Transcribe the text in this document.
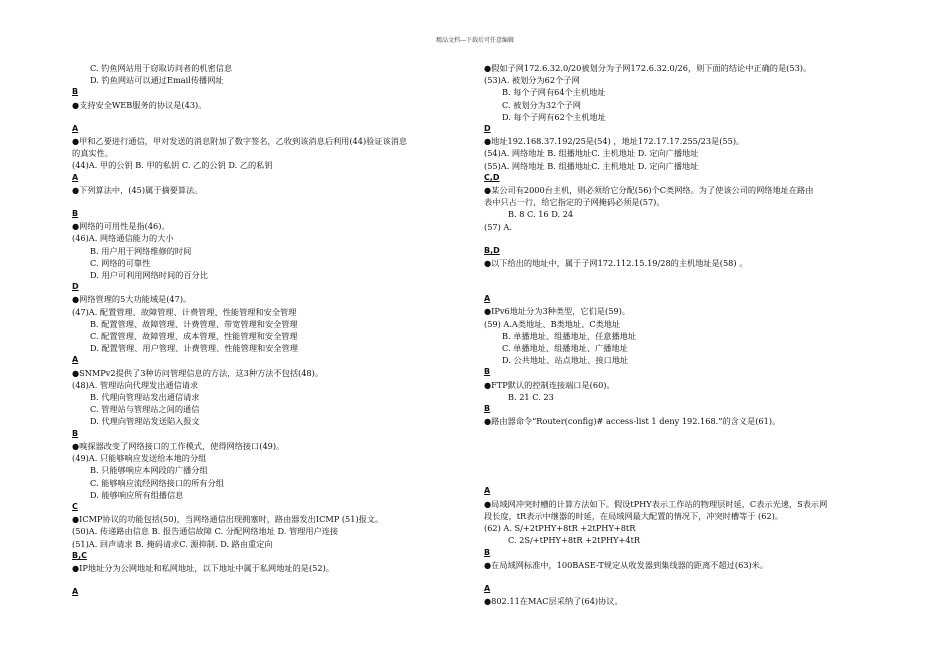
精品文档---下载后可任意编辑
C. 钓鱼网站用于窃取访问者的机密信息
D. 钓鱼网站可以通过Email传播网址
B
●支持安全WEB服务的协议是(43)。
A
●甲和乙要进行通信，甲对发送的消息附加了数字签名，乙收到该消息后利用(44)验证该消息
的真实性。
(44)A. 甲的公钥 B. 甲的私钥 C. 乙的公钥 D. 乙的私钥
A
●下列算法中，(45)属于摘要算法。
B
●网络的可用性是指(46)。
(46)A. 网络通信能力的大小
B. 用户用于网络维修的时间
C. 网络的可靠性
D. 用户可利用网络时间的百分比
D
●网络管理的5大功能域是(47)。
(47)A. 配置管理、故障管理、计费管理、性能管理和安全管理
B. 配置管理、故障管理、计费管理、带宽管理和安全管理
C. 配置管理、故障管理、成本管理、性能管理和安全管理
D. 配置管理、用户管理、计费管理、性能管理和安全管理
A
●SNMPv2提供了3种访问管理信息的方法，这3种方法不包括(48)。
(48)A. 管理站向代理发出通信请求
B. 代理向管理站发出通信请求
C. 管理站与管理站之间的通信
D. 代理向管理站发送陷入报文
B
●嗅探器改变了网络接口的工作模式，使得网络接口(49)。
(49)A. 只能够响应发送给本地的分组
B. 只能够响应本网段的广播分组
C. 能够响应流经网络接口的所有分组
D. 能够响应所有组播信息
C
●ICMP协议的功能包括(50)，当网络通信出现拥塞时，路由器发出ICMP (51)报文。
(50)A. 传递路由信息 B. 报告通信故障 C. 分配网络地址 D. 管理用户连接
(51)A. 回声请求 B. 掩码请求C. 源抑制. D. 路由重定向
B,C
●IP地址分为公网地址和私网地址，以下地址中属于私网地址的是(52)。
A
●假如子网172.6.32.0/20被划分为子网172.6.32.0/26，则下面的结论中正确的是(53)。
(53)A. 被划分为62个子网
B. 每个子网有64个主机地址
C. 被划分为32个子网
D. 每个子网有62个主机地址
D
●地址192.168.37.192/25是(54) ，地址172.17.17.255/23是(55)。
(54)A. 网络地址 B. 组播地址C. 主机地址 D. 定向广播地址
(55)A. 网络地址 B. 组播地址C. 主机地址 D. 定向广播地址
C,D
●某公司有2000台主机，则必须给它分配(56)个C类网络。为了使该公司的网络地址在路由
表中只占一行，给它指定的子网掩码必须是(57)。
B. 8 C. 16 D. 24
(57) A.
B,D
●以下给出的地址中，属于子网172.112.15.19/28的主机地址是(58) 。
A
●IPv6地址分为3种类型，它们是(59)。
(59) A.A类地址、B类地址、C类地址
B. 单播地址、组播地址、任意播地址
C. 单播地址、组播地址、广播地址
D. 公共地址、站点地址、接口地址
B
●FTP默认的控制连接端口是(60)。
B. 21 C. 23
B
●路由器命令“Router(config)# access-list 1 deny 192.168.”的含义是(61)。
A
●局域网冲突时槽的计算方法如下。假设tPHY表示工作站的物理层时延，C表示光速，S表示网
段长度，tR表示中继器的时延，在局域网最大配置的情况下，冲突时槽等于 (62)。
(62) A. S/+2tPHY+8tR +2tPHY+8tR
C. 2S/+tPHY+8tR +2tPHY+4tR
B
●在局域网标准中，100BASE-T规定从收发器到集线器的距离不超过(63)米。
A
●802.11在MAC层采纳了(64)协议。
